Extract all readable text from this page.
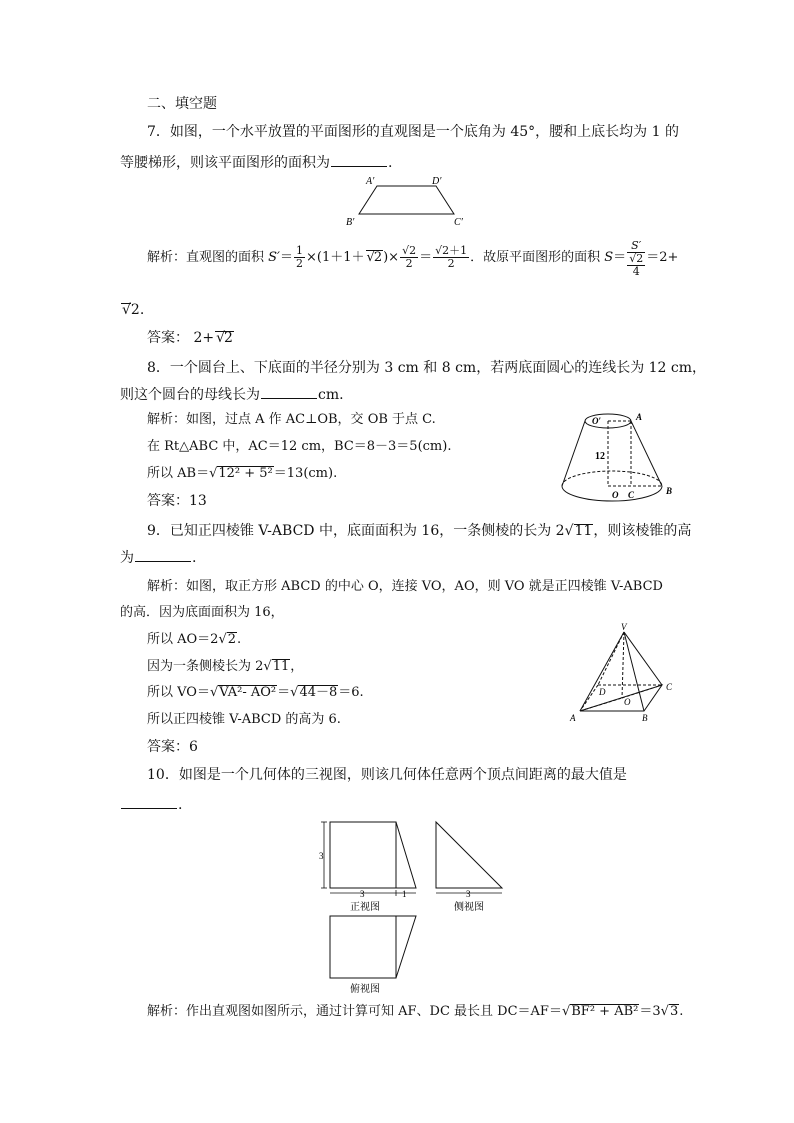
二、填空题
7．如图，一个水平放置的平面图形的直观图是一个底角为 45°，腰和上底长均为 1 的
等腰梯形，则该平面图形的面积为	.
A′	D′
B′	C′
解析：直观图的面积 $S'= \frac{1}{2} \times(1+1+ √2)\times \frac{√2}{2} = \frac{√2+1}{2}$ ．故原平面图形的面积 S＝
S′
√2
4
＝2+
√2.
答案： 2+ √2
8．一个圆台上、下底面的半径分别为 3 cm 和 8 cm，若两底面圆心的连线长为 12 cm，
则这个圆台的母线长为	cm.
解析：如图，过点 A 作 AC⊥OB，交 OB 于点 C.
在 Rt△ABC 中，AC＝12 cm，BC＝8－3＝5(cm).
所以 AB＝√12² + 5²＝13(cm).
答案：13
O′	A
12
O C	B
9．已知正四棱锥 V-ABCD 中，底面面积为 16，一条侧棱的长为 2√11，则该棱锥的高
为	.
解析：如图，取正方形 ABCD 的中心 O，连接 VO，AO，则 VO 就是正四棱锥 V-ABCD
的高．因为底面面积为 16，
所以 AO＝2√2.
因为一条侧棱长为 2√11，
所以 VO＝√VA²- AO²＝√44－8＝6.
所以正四棱锥 V-ABCD 的高为 6.
答案：6
V
D
O
C
A	B
10．如图是一个几何体的三视图，则该几何体任意两个顶点间距离的最大值是
.
3
3	1
正视图
3
侧视图
俯视图
解析：作出直观图如图所示，通过计算可知 AF、DC 最长且 DC＝AF＝√BF² + AB²＝3√3.
